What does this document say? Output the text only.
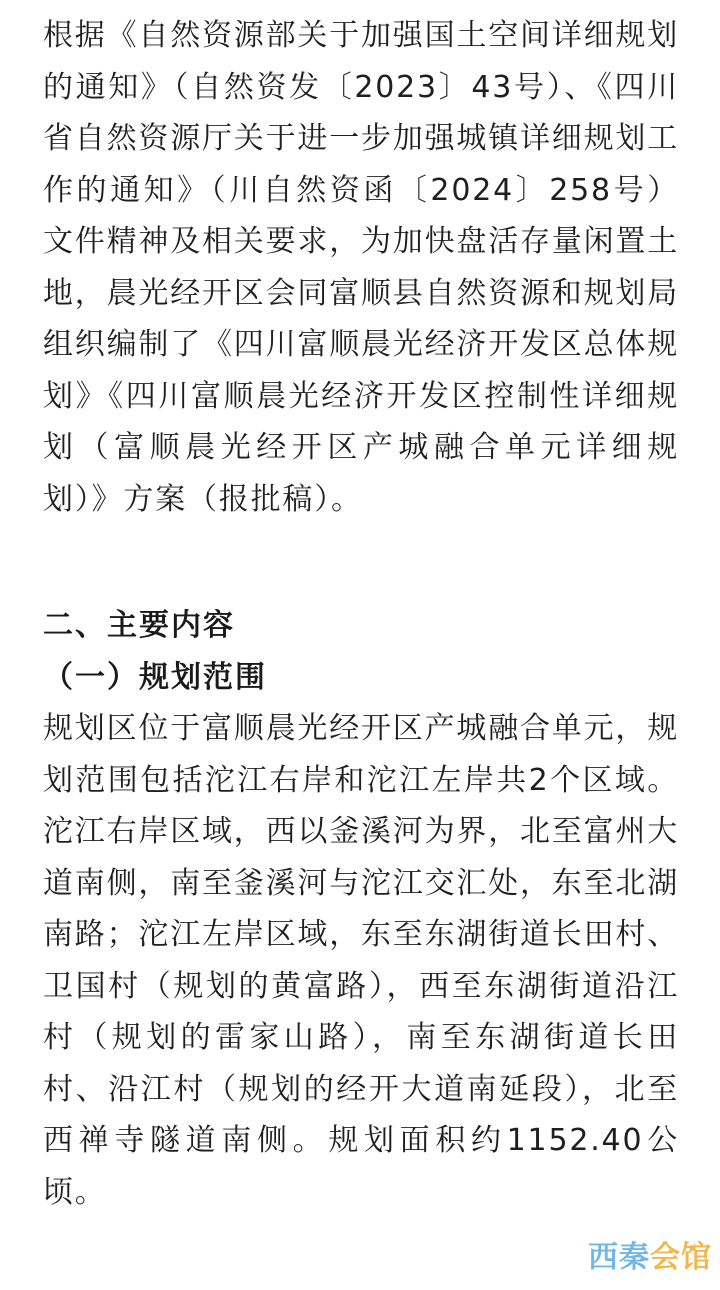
根据《自然资源部关于加强国土空间详细规划的通知》（自然资发〔2023〕43号）、《四川省自然资源厅关于进一步加强城镇详细规划工作的通知》（川自然资函〔2024〕258号）文件精神及相关要求，为加快盘活存量闲置土地，晨光经开区会同富顺县自然资源和规划局组织编制了《四川富顺晨光经济开发区总体规划》《四川富顺晨光经济开发区控制性详细规划（富顺晨光经开区产城融合单元详细规划）》方案（报批稿）。

二、主要内容
（一）规划范围

规划区位于富顺晨光经开区产城融合单元，规划范围包括沱江右岸和沱江左岸共2个区域。沱江右岸区域，西以釜溪河为界，北至富州大道南侧，南至釜溪河与沱江交汇处，东至北湖南路；沱江左岸区域，东至东湖街道长田村、卫国村（规划的黄富路），西至东湖街道沿江村（规划的雷家山路），南至东湖街道长田村、沿江村（规划的经开大道南延段），北至西禅寺隧道南侧。规划面积约1152.40公顷。

西秦 会馆
